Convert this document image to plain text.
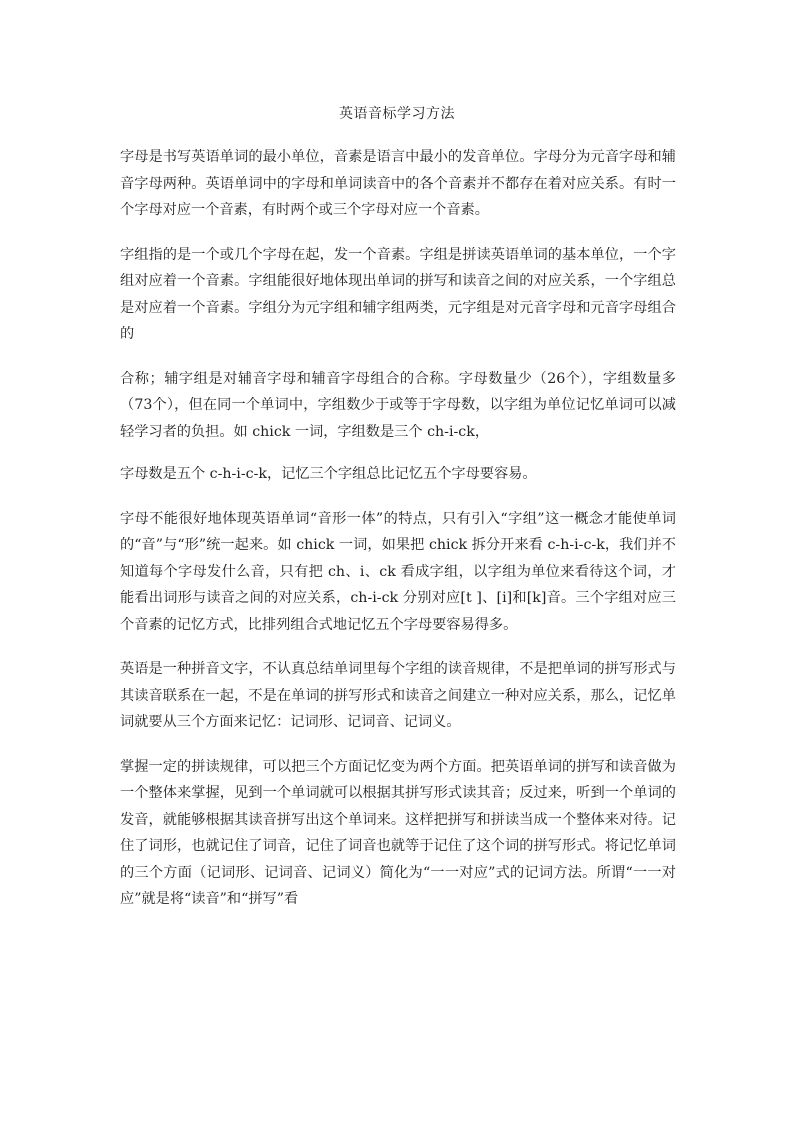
英语音标学习方法

字母是书写英语单词的最小单位，音素是语言中最小的发音单位。字母分为元音字母和辅音字母两种。英语单词中的字母和单词读音中的各个音素并不都存在着对应关系。有时一个字母对应一个音素，有时两个或三个字母对应一个音素。

字组指的是一个或几个字母在起，发一个音素。字组是拼读英语单词的基本单位，一个字组对应着一个音素。字组能很好地体现出单词的拼写和读音之间的对应关系，一个字组总是对应着一个音素。字组分为元字组和辅字组两类，元字组是对元音字母和元音字母组合的

合称；辅字组是对辅音字母和辅音字母组合的合称。字母数量少（26个），字组数量多（73个），但在同一个单词中，字组数少于或等于字母数，以字组为单位记忆单词可以减轻学习者的负担。如 chick 一词，字组数是三个 ch-i-ck，

字母数是五个 c-h-i-c-k，记忆三个字组总比记忆五个字母要容易。

字母不能很好地体现英语单词“音形一体”的特点，只有引入“字组”这一概念才能使单词的“音”与“形”统一起来。如 chick 一词，如果把 chick 拆分开来看 c-h-i-c-k，我们并不知道每个字母发什么音，只有把 ch、i、ck 看成字组，以字组为单位来看待这个词，才能看出词形与读音之间的对应关系，ch-i-ck 分别对应[t ]、[i]和[k]音。三个字组对应三个音素的记忆方式，比排列组合式地记忆五个字母要容易得多。

英语是一种拼音文字，不认真总结单词里每个字组的读音规律，不是把单词的拼写形式与其读音联系在一起，不是在单词的拼写形式和读音之间建立一种对应关系，那么，记忆单词就要从三个方面来记忆：记词形、记词音、记词义。

掌握一定的拼读规律，可以把三个方面记忆变为两个方面。把英语单词的拼写和读音做为一个整体来掌握，见到一个单词就可以根据其拼写形式读其音；反过来，听到一个单词的发音，就能够根据其读音拼写出这个单词来。这样把拼写和拼读当成一个整体来对待。记住了词形，也就记住了词音，记住了词音也就等于记住了这个词的拼写形式。将记忆单词的三个方面（记词形、记词音、记词义）简化为“一一对应”式的记词方法。所谓“一一对应”就是将“读音”和“拼写”看
